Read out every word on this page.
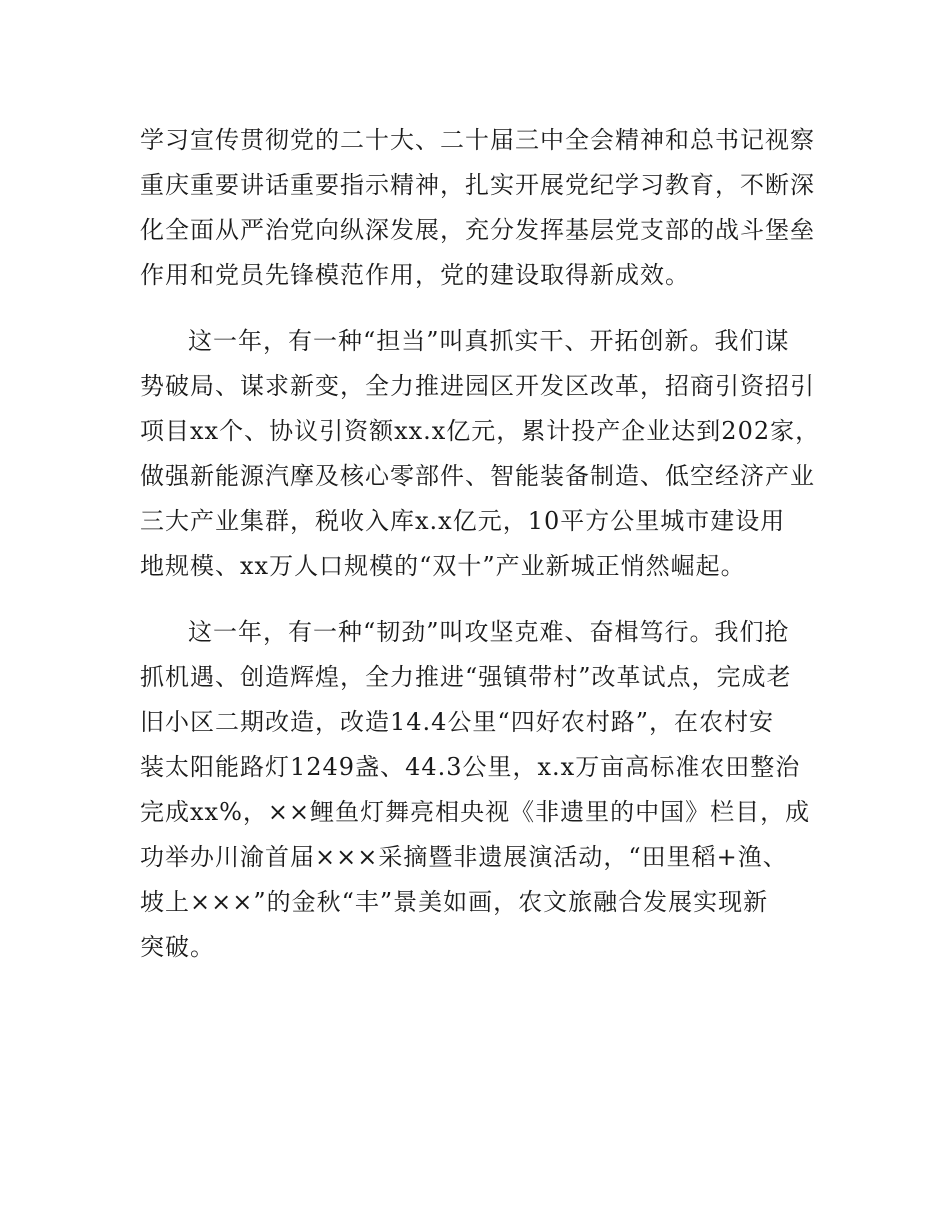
学习宣传贯彻党的二十大、二十届三中全会精神和总书记视察
重庆重要讲话重要指示精神，扎实开展党纪学习教育，不断深
化全面从严治党向纵深发展，充分发挥基层党支部的战斗堡垒
作用和党员先锋模范作用，党的建设取得新成效。
这一年，有一种“担当”叫真抓实干、开拓创新。我们谋
势破局、谋求新变，全力推进园区开发区改革，招商引资招引
项目xx个、协议引资额xx.x亿元，累计投产企业达到202家，
做强新能源汽摩及核心零部件、智能装备制造、低空经济产业
三大产业集群，税收入库x.x亿元，10平方公里城市建设用
地规模、xx万人口规模的“双十”产业新城正悄然崛起。
这一年，有一种“韧劲”叫攻坚克难、奋楫笃行。我们抢
抓机遇、创造辉煌，全力推进“强镇带村”改革试点，完成老
旧小区二期改造，改造14.4公里“四好农村路”，在农村安
装太阳能路灯1249盏、44.3公里，x.x万亩高标准农田整治
完成xx%，××鲤鱼灯舞亮相央视《非遗里的中国》栏目，成
功举办川渝首届×××采摘暨非遗展演活动，“田里稻+渔、
坡上×××”的金秋“丰”景美如画，农文旅融合发展实现新
突破。
